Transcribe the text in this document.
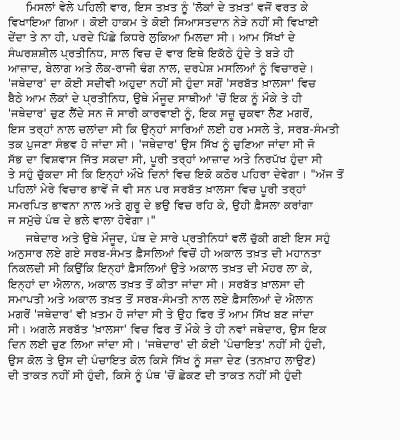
ਮਿਸਲਾਂ ਵੇਲੇ ਪਹਿਲੀ ਵਾਰ, ਇਸ ਤਖ਼ਤ ਨੂੰ 'ਲੋਕਾਂ ਦੇ ਤਖ਼ਤ' ਵਜੋਂ ਵਰਤ ਕੇ
ਵਿਖਾਇਆ ਗਿਆ। ਕੋਈ ਹਾਕਮ ਤੇ ਕੋਈ ਸਿਆਸਤਦਾਨ ਨੇੜੇ ਨਹੀਂ ਸੀ ਵਿਖਾਈ
ਦੇਂਦਾ ਤੇ ਨਾ ਹੀ, ਪਰਦੇ ਪਿੱਛੇ ਕਿਧਰੇ ਲੁਕਿਆ ਮਿਲਦਾ ਸੀ। ਆਮ ਸਿੱਖਾਂ ਦੇ
ਸੰਘਰਸ਼ਸ਼ੀਲ ਪ੍ਰਤੀਨਿਧ, ਸਾਲ ਵਿਚ ਦੋ ਵਾਰ ਇਥੇ ਇਕੱਠੇ ਹੁੰਦੇ ਤੇ ਬੜੇ ਹੀ
ਆਜ਼ਾਦ, ਬੇਲਾਗ ਅਤੇ ਲੋਕ-ਰਾਜੀ ਢੰਗ ਨਾਲ, ਦਰਪੇਸ਼ ਮਸਲਿਆਂ ਨੂੰ ਵਿਚਾਰਦੇ।
'ਜਥੇਦਾਰ' ਦਾ ਕੋਈ ਸਦੀਵੀ ਅਹੁਦਾ ਨਹੀਂ ਸੀ ਹੁੰਦਾ ਸਗੋਂ 'ਸਰਬੱਤ ਖ਼ਾਲਸਾ' ਵਿਚ
ਬੈਠੇ ਆਮ ਲੋਕਾਂ ਦੇ ਪ੍ਰਤੀਨਿਧ, ਉਥੇ ਮੌਜੂਦ ਸਾਥੀਆਂ 'ਚੋਂ ਇਕ ਨੂੰ ਮੌਕੇ ਤੇ ਹੀ
'ਜਥੇਦਾਰ' ਚੁਣ ਲੈਂਦੇ ਸਨ ਜੋ ਸਾਰੀ ਕਾਰਵਾਈ ਨੂੰ, ਇਕ ਸਜ਼ੂ ਚੁਕਵਾ ਲੈਣ ਮਗਰੋਂ,
ਇਸ ਤਰ੍ਹਾਂ ਨਾਲ ਚਲਾਂਦਾ ਸੀ ਕਿ ਉਨ੍ਹਾਂ ਸਾਰਿਆਂ ਲਈ ਹਰ ਮਸਲੇ ਤੇ, ਸਰਬ-ਸੰਮਤੀ
ਤਕ ਪੁਜਣਾ ਸੰਭਵ ਹੋ ਜਾਂਦਾ ਸੀ। 'ਜਥੇਦਾਰ' ਉਸ ਸਿੱਖ ਨੂੰ ਚੁਣਿਆ ਜਾਂਦਾ ਸੀ ਜੋ
ਸੱਭ ਦਾ ਵਿਸ਼ਵਾਸ ਜਿੱਤ ਸਕਦਾ ਸੀ, ਪੂਰੀ ਤਰ੍ਹਾਂ ਆਜ਼ਾਦ ਅਤੇ ਨਿਰਪੱਖ ਹੁੰਦਾ ਸੀ
ਤੇ ਸਹੁੰ ਚੁੱਕਦਾ ਸੀ ਕਿ ਇਨ੍ਹਾਂ ਔਖੇ ਦਿਨਾਂ ਵਿਚ ਇਕੋ ਕਠੋਰ ਪਹਿਰਾ ਦੇਵੇਗਾ। "ਅੱਜ ਤੋਂ
ਪਹਿਲਾਂ ਮੇਰੇ ਵਿਚਾਰ ਭਾਵੇਂ ਜੋ ਵੀ ਸਨ ਪਰ ਸਰਬੱਤ ਖ਼ਾਲਸਾ ਵਿਚ ਪੂਰੀ ਤਰ੍ਹਾਂ
ਸਮਰਪਿਤ ਭਾਵਨਾ ਨਾਲ ਅਤੇ ਗੁਰੂ ਦੇ ਭਉ ਵਿਚ ਰਹਿ ਕੇ, ਉਹੀ ਫ਼ੈਸਲਾ ਕਰਾਂਗਾ
ਜ ਸਮੁੱਚੇ ਪੰਥ ਦੇ ਭਲੇ ਵਾਲਾ ਹੋਵੇਗਾ।"
ਜਥੇਦਾਰ ਅਤੇ ਉਥੇ ਮੌਜੂਦ, ਪੰਥ ਦੇ ਸਾਰੇ ਪ੍ਰਤੀਨਿਧਾਂ ਵਲੋਂ ਚੁੱਕੀ ਗਈ ਇਸ ਸਹੁੰ
ਅਨੁਸਾਰ ਲਏ ਗਏ ਸਰਬ-ਸੰਮਤ ਫ਼ੈਸਲਿਆਂ ਵਿਚੋਂ ਹੀ ਅਕਾਲ ਤਖ਼ਤ ਦੀ ਮਹਾਨਤਾ
ਨਿਕਲਦੀ ਸੀ ਕਿਉਂਕਿ ਇਨ੍ਹਾਂ ਫ਼ੈਸਲਿਆਂ ਉਤੇ ਅਕਾਲ ਤਖ਼ਤ ਦੀ ਮੋਹਰ ਲਾ ਕੇ,
ਇਨ੍ਹਾਂ ਦਾ ਐਲਾਨ, ਅਕਾਲ ਤਖ਼ਤ ਤੋਂ ਕੀਤਾ ਜਾਂਦਾ ਸੀ। ਸਰਬੱਤ ਖ਼ਾਲਸਾ ਦੀ
ਸਮਾਪਤੀ ਅਤੇ ਅਕਾਲ ਤਖ਼ਤ ਤੋਂ ਸਰਬ-ਸੰਮਤੀ ਨਾਲ ਲਏ ਫ਼ੈਸਲਿਆਂ ਦੇ ਐਲਾਨ
ਮਗਰੋਂ 'ਜਥੇਦਾਰ' ਵੀ ਖ਼ਤਮ ਹੋ ਜਾਂਦਾ ਸੀ ਤੇ ਉਹ ਫਿਰ ਤੋਂ ਆਮ ਸਿੱਖ ਬਣ ਜਾਂਦਾ
ਸੀ। ਅਗਲੇ ਸਰਬੱਤ 'ਖ਼ਾਲਸਾ' ਵਿਚ ਫਿਰ ਤੋਂ ਮੌਕੇ ਤੇ ਹੀ ਨਵਾਂ ਜਥੇਦਾਰ, ਉਸ ਇਕ
ਦਿਨ ਲਈ ਚੁਣ ਲਿਆ ਜਾਂਦਾ ਸੀ। 'ਜਥੇਦਾਰ' ਦੀ ਕੋਈ 'ਪੰਚਾਇਤ' ਨਹੀਂ ਸੀ ਹੁੰਦੀ,
ਉਸ ਕੋਲ ਤੇ ਉਸ ਦੀ ਪੰਚਾਇਤ ਕੋਲ ਕਿਸੇ ਸਿੱਖ ਨੂੰ ਸਜ਼ਾ ਦੇਣ (ਤਨਖ਼ਾਹ ਲਾਉਣ)
ਦੀ ਤਾਕਤ ਨਹੀਂ ਸੀ ਹੁੰਦੀ, ਕਿਸੇ ਨੂੰ ਪੰਥ 'ਚੋਂ ਛੇਕਣ ਦੀ ਤਾਕਤ ਨਹੀਂ ਸੀ ਹੁੰਦੀ
